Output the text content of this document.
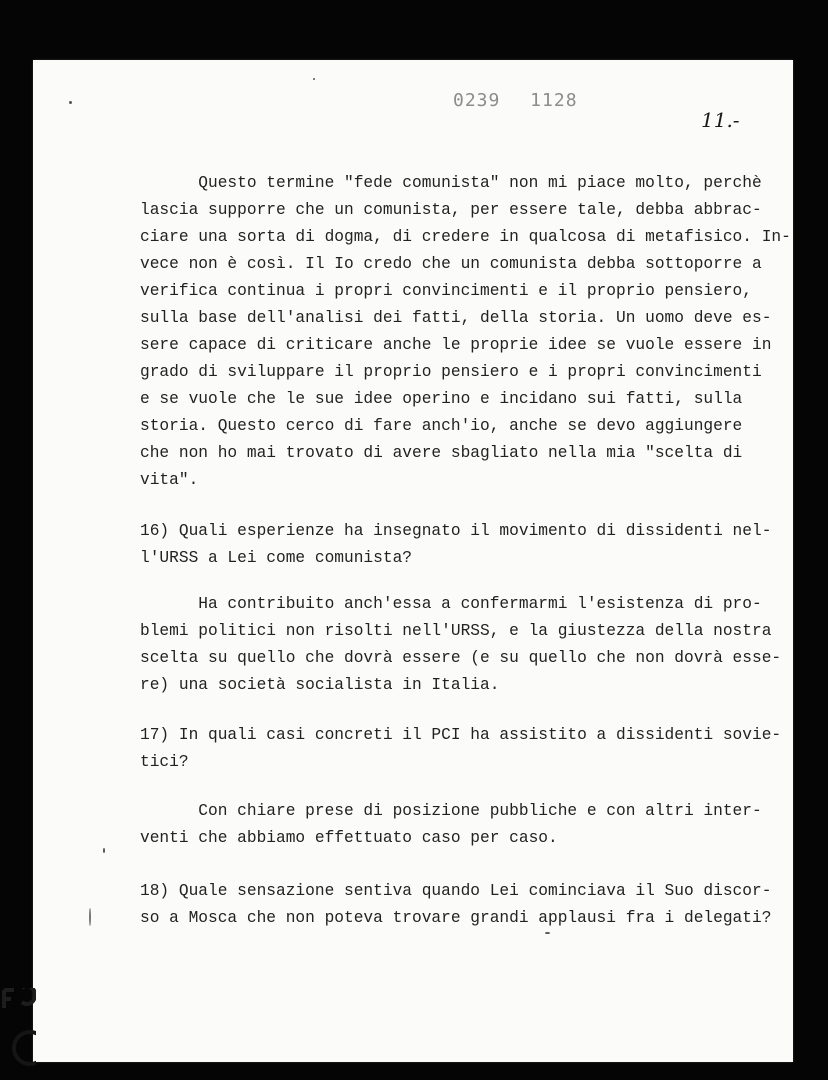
0239 1128
11.-
Questo termine "fede comunista" non mi piace molto, perchè
lascia supporre che un comunista, per essere tale, debba abbrac-
ciare una sorta di dogma, di credere in qualcosa di metafisico. In-
vece non è così. Il Io credo che un comunista debba sottoporre a
verifica continua i propri convincimenti e il proprio pensiero,
sulla base dell'analisi dei fatti, della storia. Un uomo deve es-
sere capace di criticare anche le proprie idee se vuole essere in
grado di sviluppare il proprio pensiero e i propri convincimenti
e se vuole che le sue idee operino e incidano sui fatti, sulla
storia. Questo cerco di fare anch'io, anche se devo aggiungere
che non ho mai trovato di avere sbagliato nella mia "scelta di
vita".
16) Quali esperienze ha insegnato il movimento di dissidenti nel-
l'URSS a Lei come comunista?
Ha contribuito anch'essa a confermarmi l'esistenza di pro-
blemi politici non risolti nell'URSS, e la giustezza della nostra
scelta su quello che dovrà essere (e su quello che non dovrà esse-
re) una società socialista in Italia.
17) In quali casi concreti il PCI ha assistito a dissidenti sovie-
tici?
Con chiare prese di posizione pubbliche e con altri inter-
venti che abbiamo effettuato caso per caso.
18) Quale sensazione sentiva quando Lei cominciava il Suo discor-
so a Mosca che non poteva trovare grandi applausi fra i delegati?
